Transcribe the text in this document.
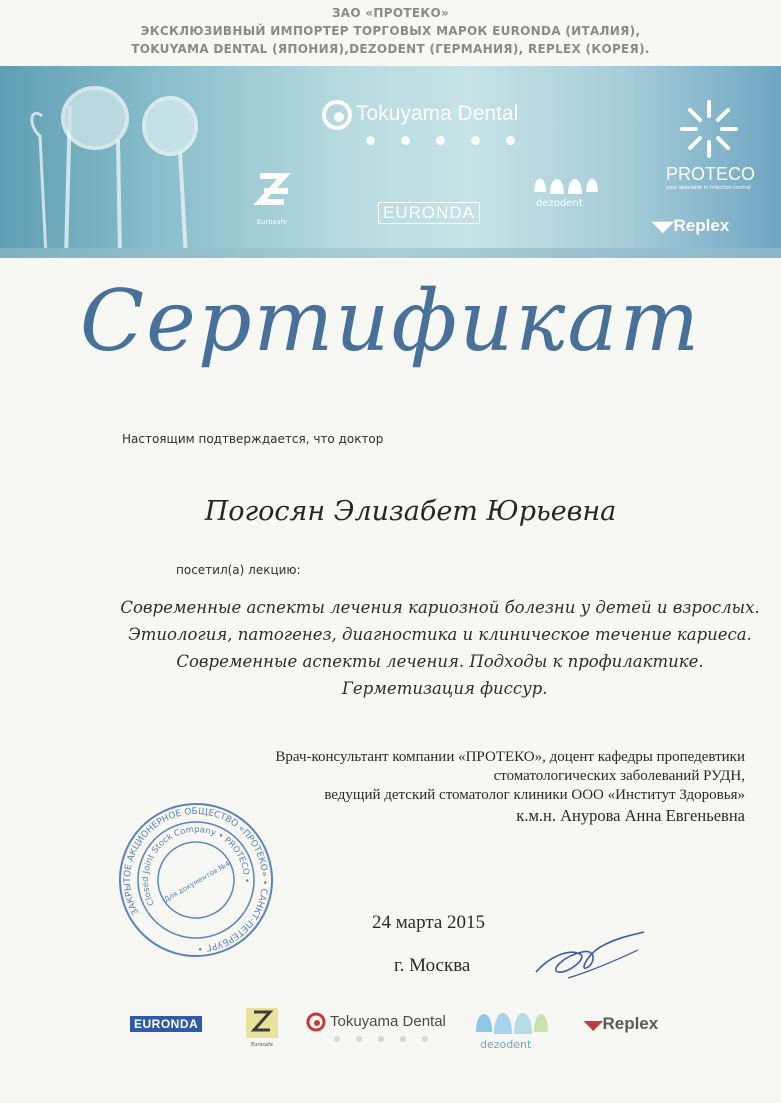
ЗАО «ПРОТЕКО»
ЭКСКЛЮЗИВНЫЙ ИМПОРТЕР ТОРГОВЫХ МАРОК EURONDA (ИТАЛИЯ),
TOKUYAMA DENTAL (ЯПОНИЯ),DEZODENT (ГЕРМАНИЯ), REPLEX (КОРЕЯ).
Tokuyama Dental
Eurosafe	EURONDA	dezodent
PROTECO
your specialist in infection control
◥◤Replex
Сертификат
Настоящим подтверждается, что доктор
Погосян Элизабет Юрьевна
посетил(а) лекцию:
Современные аспекты лечения кариозной болезни у детей и взрослых.
Этиология, патогенез, диагностика и клиническое течение кариеса.
Современные аспекты лечения. Подходы к профилактике.
Герметизация фиссур.
Врач-консультант компании «ПРОТЕКО», доцент кафедры пропедевтики
стоматологических заболеваний РУДН,
ведущий детский стоматолог клиники ООО «Институт Здоровья»
к.м.н. Анурова Анна Евгеньевна
ЗАКРЫТОЕ АКЦИОНЕРНОЕ ОБЩЕСТВО «ПРОТЕКО» • САНКТ-ПЕТЕРБУРГ •
Closed Joint Stock Company • PROTECO •
Для документов №4
24 марта 2015
г. Москва
EURONDA
Eurosafe
Tokuyama Dental
dezodent
◥◤Replex
